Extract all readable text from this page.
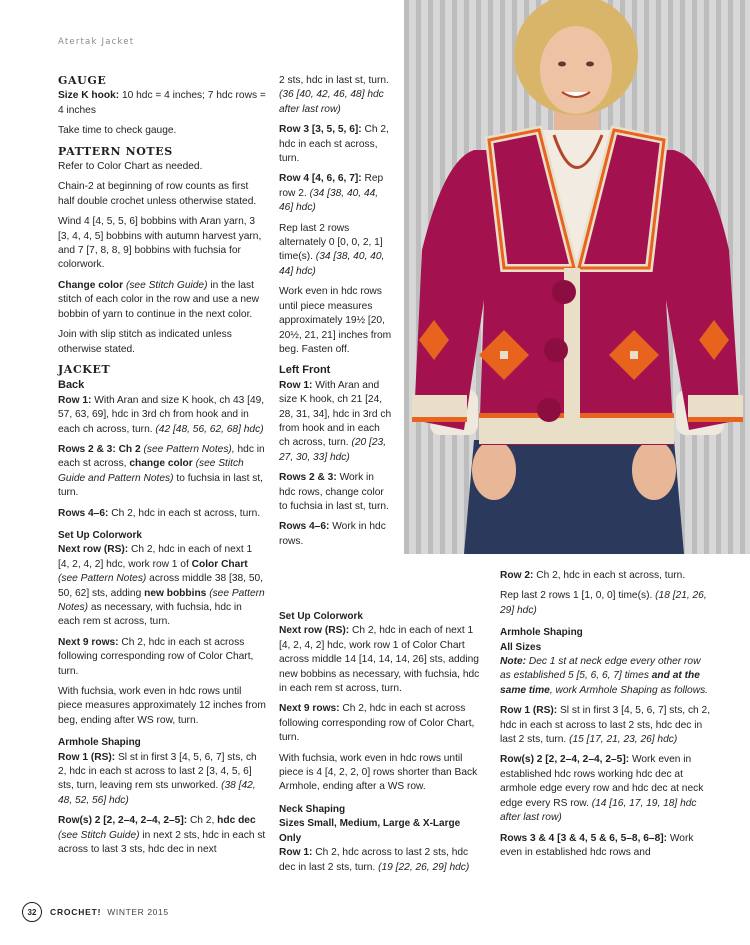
Atertak Jacket
GAUGE
Size K hook: 10 hdc = 4 inches; 7 hdc rows = 4 inches
Take time to check gauge.
PATTERN NOTES
Refer to Color Chart as needed.
Chain-2 at beginning of row counts as first half double crochet unless otherwise stated.
Wind 4 [4, 5, 5, 6] bobbins with Aran yarn, 3 [3, 4, 4, 5] bobbins with autumn harvest yarn, and 7 [7, 8, 8, 9] bobbins with fuchsia for colorwork.
Change color (see Stitch Guide) in the last stitch of each color in the row and use a new bobbin of yarn to continue in the next color.
Join with slip stitch as indicated unless otherwise stated.
JACKET
Back
Row 1: With Aran and size K hook, ch 43 [49, 57, 63, 69], hdc in 3rd ch from hook and in each ch across, turn. (42 [48, 56, 62, 68] hdc)
Rows 2 & 3: Ch 2 (see Pattern Notes), hdc in each st across, change color (see Stitch Guide and Pattern Notes) to fuchsia in last st, turn.
Rows 4–6: Ch 2, hdc in each st across, turn.
Set Up Colorwork
Next row (RS): Ch 2, hdc in each of next 1 [4, 2, 4, 2] hdc, work row 1 of Color Chart (see Pattern Notes) across middle 38 [38, 50, 50, 62] sts, adding new bobbins (see Pattern Notes) as necessary, with fuchsia, hdc in each rem st across, turn.
Next 9 rows: Ch 2, hdc in each st across following corresponding row of Color Chart, turn.
With fuchsia, work even in hdc rows until piece measures approximately 12 inches from beg, ending after WS row, turn.
Armhole Shaping
Row 1 (RS): Sl st in first 3 [4, 5, 6, 7] sts, ch 2, hdc in each st across to last 2 [3, 4, 5, 6] sts, turn, leaving rem sts unworked. (38 [42, 48, 52, 56] hdc)
Row(s) 2 [2, 2–4, 2–4, 2–5]: Ch 2, hdc dec (see Stitch Guide) in next 2 sts, hdc in each st across to last 3 sts, hdc dec in next
2 sts, hdc in last st, turn. (36 [40, 42, 46, 48] hdc after last row)
Row 3 [3, 5, 5, 6]: Ch 2, hdc in each st across, turn.
Row 4 [4, 6, 6, 7]: Rep row 2. (34 [38, 40, 44, 46] hdc)
Rep last 2 rows alternately 0 [0, 0, 2, 1] time(s). (34 [38, 40, 40, 44] hdc)
Work even in hdc rows until piece measures approximately 19½ [20, 20½, 21, 21] inches from beg. Fasten off.
Left Front
Row 1: With Aran and size K hook, ch 21 [24, 28, 31, 34], hdc in 3rd ch from hook and in each ch across, turn. (20 [23, 27, 30, 33] hdc)
Rows 2 & 3: Work in hdc rows, change color to fuchsia in last st, turn.
Rows 4–6: Work in hdc rows.
Set Up Colorwork
Next row (RS): Ch 2, hdc in each of next 1 [4, 2, 4, 2] hdc, work row 1 of Color Chart across middle 14 [14, 14, 14, 26] sts, adding new bobbins as necessary, with fuchsia, hdc in each rem st across, turn.
Next 9 rows: Ch 2, hdc in each st across following corresponding row of Color Chart, turn.
With fuchsia, work even in hdc rows until piece is 4 [4, 2, 2, 0] rows shorter than Back Armhole, ending after a WS row.
Neck Shaping
Sizes Small, Medium, Large & X-Large Only
Row 1: Ch 2, hdc across to last 2 sts, hdc dec in last 2 sts, turn. (19 [22, 26, 29] hdc)
Row 2: Ch 2, hdc in each st across, turn.
Rep last 2 rows 1 [1, 0, 0] time(s). (18 [21, 26, 29] hdc)
Armhole Shaping
All Sizes
Note: Dec 1 st at neck edge every other row as established 5 [5, 6, 6, 7] times and at the same time, work Armhole Shaping as follows.
Row 1 (RS): Sl st in first 3 [4, 5, 6, 7] sts, ch 2, hdc in each st across to last 2 sts, hdc dec in last 2 sts, turn. (15 [17, 21, 23, 26] hdc)
Row(s) 2 [2, 2–4, 2–4, 2–5]: Work even in established hdc rows working hdc dec at armhole edge every row and hdc dec at neck edge every RS row. (14 [16, 17, 19, 18] hdc after last row)
Rows 3 & 4 [3 & 4, 5 & 6, 5–8, 6–8]: Work even in established hdc rows and
32	CROCHET! WINTER 2015
